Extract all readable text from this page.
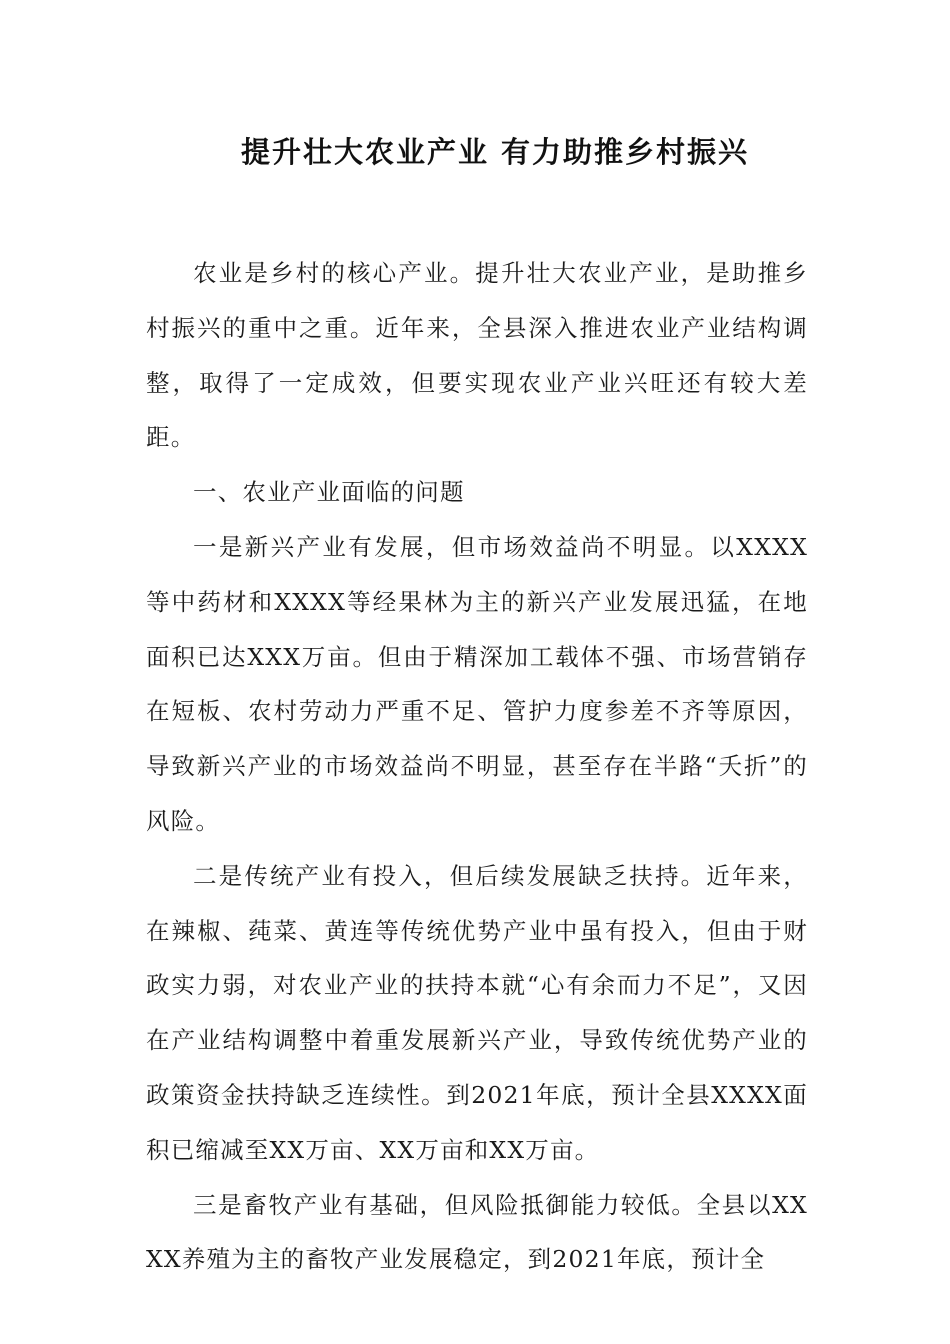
提升壮大农业产业 有力助推乡村振兴

农业是乡村的核心产业。提升壮大农业产业，是助推乡村振兴的重中之重。近年来，全县深入推进农业产业结构调整，取得了一定成效，但要实现农业产业兴旺还有较大差距。

一、农业产业面临的问题

一是新兴产业有发展，但市场效益尚不明显。以XXXX等中药材和XXXX等经果林为主的新兴产业发展迅猛，在地面积已达XXX万亩。但由于精深加工载体不强、市场营销存在短板、农村劳动力严重不足、管护力度参差不齐等原因，导致新兴产业的市场效益尚不明显，甚至存在半路“夭折”的风险。

二是传统产业有投入，但后续发展缺乏扶持。近年来，在辣椒、莼菜、黄连等传统优势产业中虽有投入，但由于财政实力弱，对农业产业的扶持本就“心有余而力不足”，又因在产业结构调整中着重发展新兴产业，导致传统优势产业的政策资金扶持缺乏连续性。到2021年底，预计全县XXXX面积已缩减至XX万亩、XX万亩和XX万亩。

三是畜牧产业有基础，但风险抵御能力较低。全县以XXXX养殖为主的畜牧产业发展稳定，到2021年底，预计全
